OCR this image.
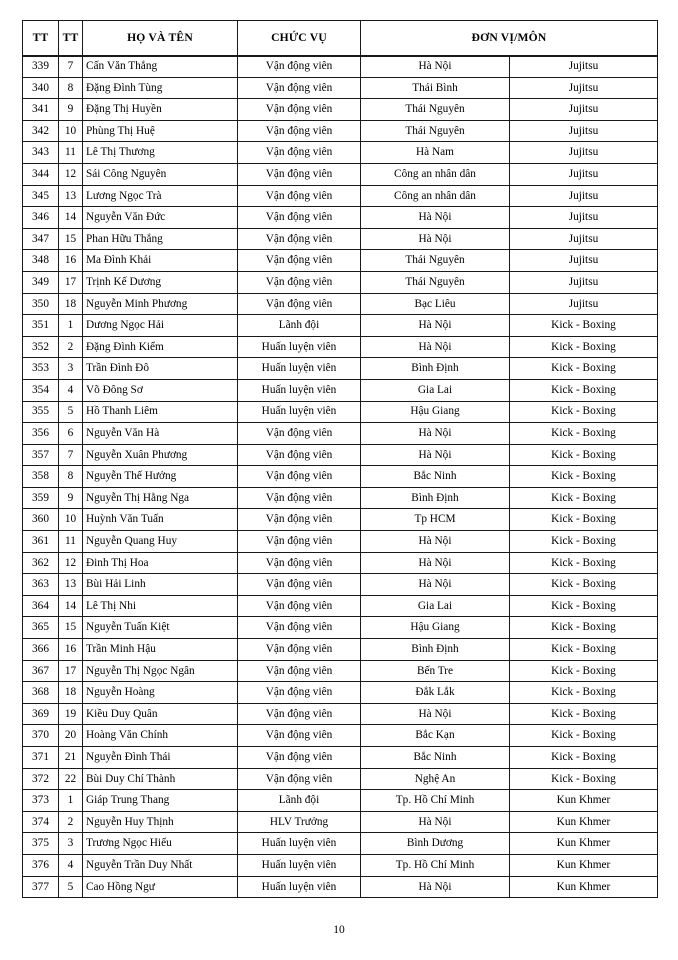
TT	TT	HỌ VÀ TÊN	CHỨC VỤ	ĐƠN VỊ/MÔN	
339	7	Cấn Văn Thắng	Vận động viên	Hà Nội	Jujitsu
340	8	Đặng Đình Tùng	Vận động viên	Thái Bình	Jujitsu
341	9	Đặng Thị Huyền	Vận động viên	Thái Nguyên	Jujitsu
342	10	Phùng Thị Huệ	Vận động viên	Thái Nguyên	Jujitsu
343	11	Lê Thị Thương	Vận động viên	Hà Nam	Jujitsu
344	12	Sái Công Nguyên	Vận động viên	Công an nhân dân	Jujitsu
345	13	Lương Ngọc Trà	Vận động viên	Công an nhân dân	Jujitsu
346	14	Nguyễn Văn Đức	Vận động viên	Hà Nội	Jujitsu
347	15	Phan Hữu Thắng	Vận động viên	Hà Nội	Jujitsu
348	16	Ma Đình Khải	Vận động viên	Thái Nguyên	Jujitsu
349	17	Trịnh Kế Dương	Vận động viên	Thái Nguyên	Jujitsu
350	18	Nguyễn Minh Phương	Vận động viên	Bạc Liêu	Jujitsu
351	1	Dương Ngọc Hải	Lãnh đội	Hà Nội	Kick - Boxing
352	2	Đặng Đình Kiểm	Huấn luyện viên	Hà Nội	Kick - Boxing
353	3	Trần Đình Đô	Huấn luyện viên	Bình Định	Kick - Boxing
354	4	Võ Đông Sơ	Huấn luyện viên	Gia Lai	Kick - Boxing
355	5	Hồ Thanh Liêm	Huấn luyện viên	Hậu Giang	Kick - Boxing
356	6	Nguyễn Văn Hà	Vận động viên	Hà Nội	Kick - Boxing
357	7	Nguyễn Xuân Phương	Vận động viên	Hà Nội	Kick - Boxing
358	8	Nguyễn Thế Hưởng	Vận động viên	Bắc Ninh	Kick - Boxing
359	9	Nguyễn Thị Hằng Nga	Vận động viên	Bình Định	Kick - Boxing
360	10	Huỳnh Văn Tuấn	Vận động viên	Tp HCM	Kick - Boxing
361	11	Nguyễn Quang Huy	Vận động viên	Hà Nội	Kick - Boxing
362	12	Đinh Thị Hoa	Vận động viên	Hà Nội	Kick - Boxing
363	13	Bùi Hải Linh	Vận động viên	Hà Nội	Kick - Boxing
364	14	Lê Thị Nhi	Vận động viên	Gia Lai	Kick - Boxing
365	15	Nguyễn Tuấn Kiệt	Vận động viên	Hậu Giang	Kick - Boxing
366	16	Trần Minh Hậu	Vận động viên	Bình Định	Kick - Boxing
367	17	Nguyễn Thị Ngọc Ngân	Vận động viên	Bến Tre	Kick - Boxing
368	18	Nguyễn Hoàng	Vận động viên	Đắk Lắk	Kick - Boxing
369	19	Kiều Duy Quân	Vận động viên	Hà Nội	Kick - Boxing
370	20	Hoàng Văn Chính	Vận động viên	Bắc Kạn	Kick - Boxing
371	21	Nguyễn Đình Thái	Vận động viên	Bắc Ninh	Kick - Boxing
372	22	Bùi Duy Chí Thành	Vận động viên	Nghệ An	Kick - Boxing
373	1	Giáp Trung Thang	Lãnh đội	Tp. Hồ Chí Minh	Kun Khmer
374	2	Nguyễn Huy Thịnh	HLV Trưởng	Hà Nội	Kun Khmer
375	3	Trương Ngọc Hiếu	Huấn luyện viên	Bình Dương	Kun Khmer
376	4	Nguyễn Trần Duy Nhất	Huấn luyện viên	Tp. Hồ Chí Minh	Kun Khmer
377	5	Cao Hồng Ngư	Huấn luyện viên	Hà Nội	Kun Khmer
10
